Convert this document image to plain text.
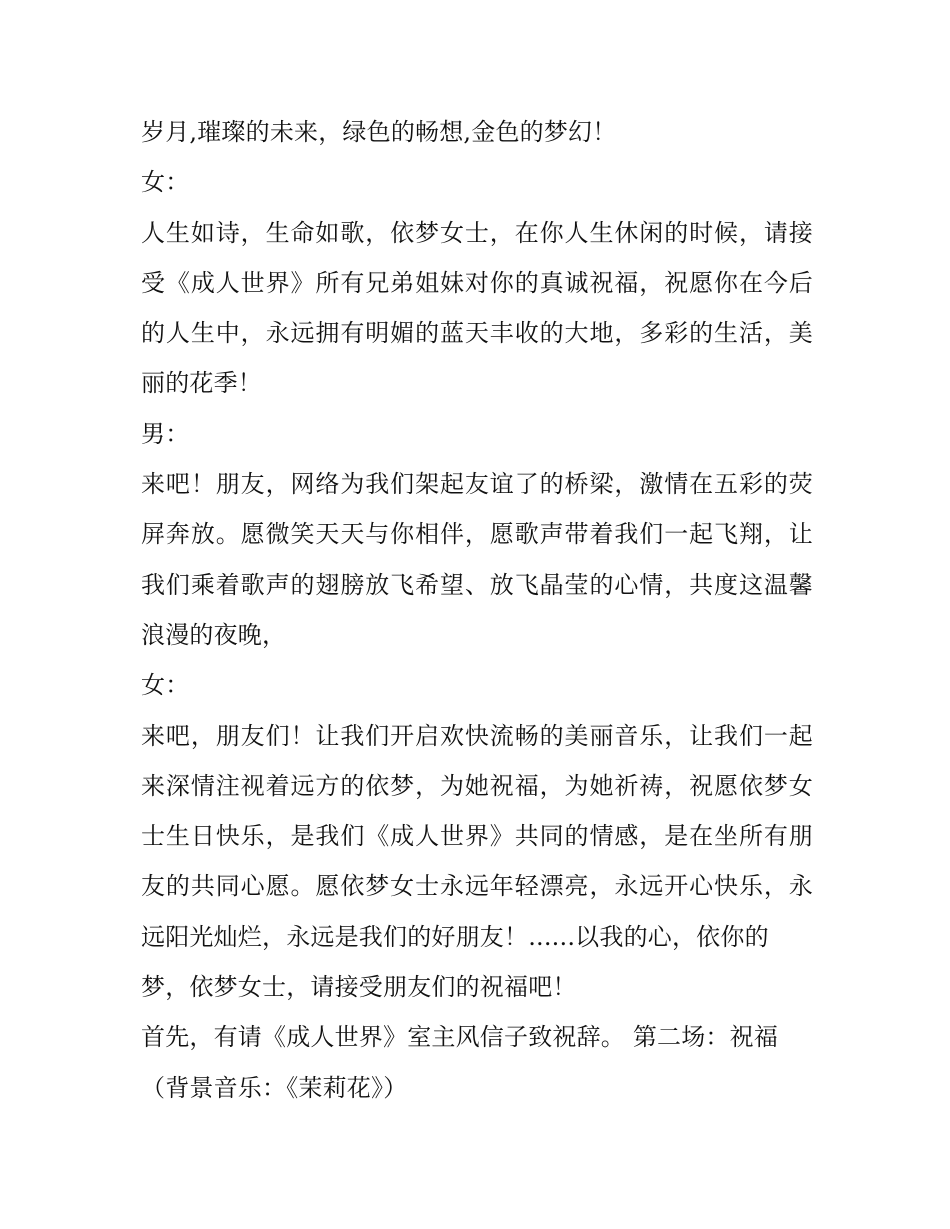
岁月,璀璨的未来，绿色的畅想,金色的梦幻！
女：
人生如诗，生命如歌，依梦女士，在你人生休闲的时候，请接
受《成人世界》所有兄弟姐妹对你的真诚祝福，祝愿你在今后
的人生中，永远拥有明媚的蓝天丰收的大地，多彩的生活，美
丽的花季！
男：
来吧！朋友，网络为我们架起友谊了的桥梁，激情在五彩的荧
屏奔放。愿微笑天天与你相伴，愿歌声带着我们一起飞翔，让
我们乘着歌声的翅膀放飞希望、放飞晶莹的心情，共度这温馨
浪漫的夜晚，
女：
来吧，朋友们！让我们开启欢快流畅的美丽音乐，让我们一起
来深情注视着远方的依梦，为她祝福，为她祈祷，祝愿依梦女
士生日快乐，是我们《成人世界》共同的情感，是在坐所有朋
友的共同心愿。愿依梦女士永远年轻漂亮，永远开心快乐，永
远阳光灿烂，永远是我们的好朋友！......以我的心，依你的
梦，依梦女士，请接受朋友们的祝福吧！
首先，有请《成人世界》室主风信子致祝辞。 第二场：祝福
（背景音乐：《茉莉花》）
